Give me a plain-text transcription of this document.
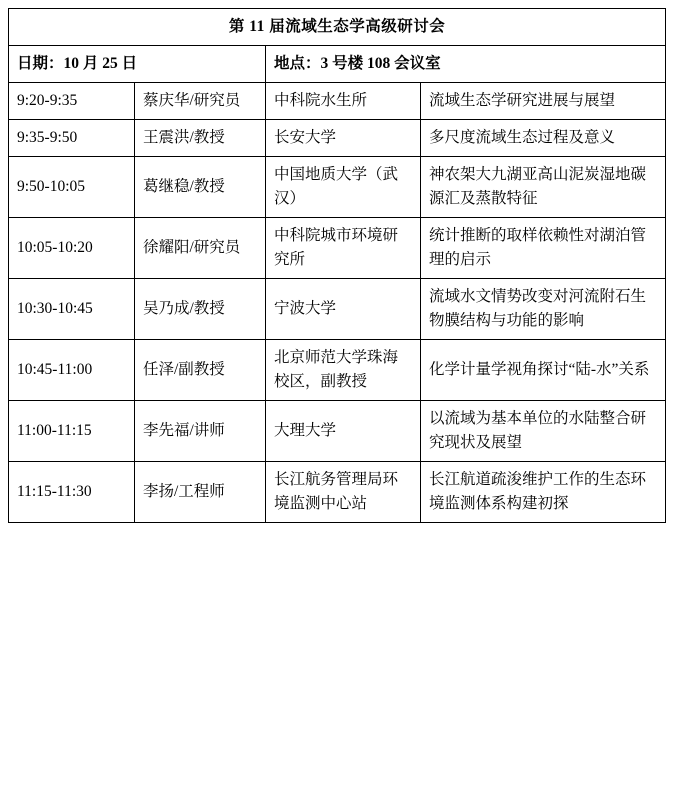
第 11 届流域生态学高级研讨会			
日期：10 月 25 日		地点：3 号楼 108 会议室	
9:20-9:35	蔡庆华/研究员	中科院水生所	流域生态学研究进展与展望
9:35-9:50	王震洪/教授	长安大学	多尺度流域生态过程及意义
9:50-10:05	葛继稳/教授	中国地质大学（武汉）	神农架大九湖亚高山泥炭湿地碳源汇及蒸散特征
10:05-10:20	徐耀阳/研究员	中科院城市环境研究所	统计推断的取样依赖性对湖泊管理的启示
10:30-10:45	吴乃成/教授	宁波大学	流域水文情势改变对河流附石生物膜结构与功能的影响
10:45-11:00	任泽/副教授	北京师范大学珠海校区，副教授	化学计量学视角探讨“陆-水”关系
11:00-11:15	李先福/讲师	大理大学	以流域为基本单位的水陆整合研究现状及展望
11:15-11:30	李扬/工程师	长江航务管理局环境监测中心站	长江航道疏浚维护工作的生态环境监测体系构建初探
